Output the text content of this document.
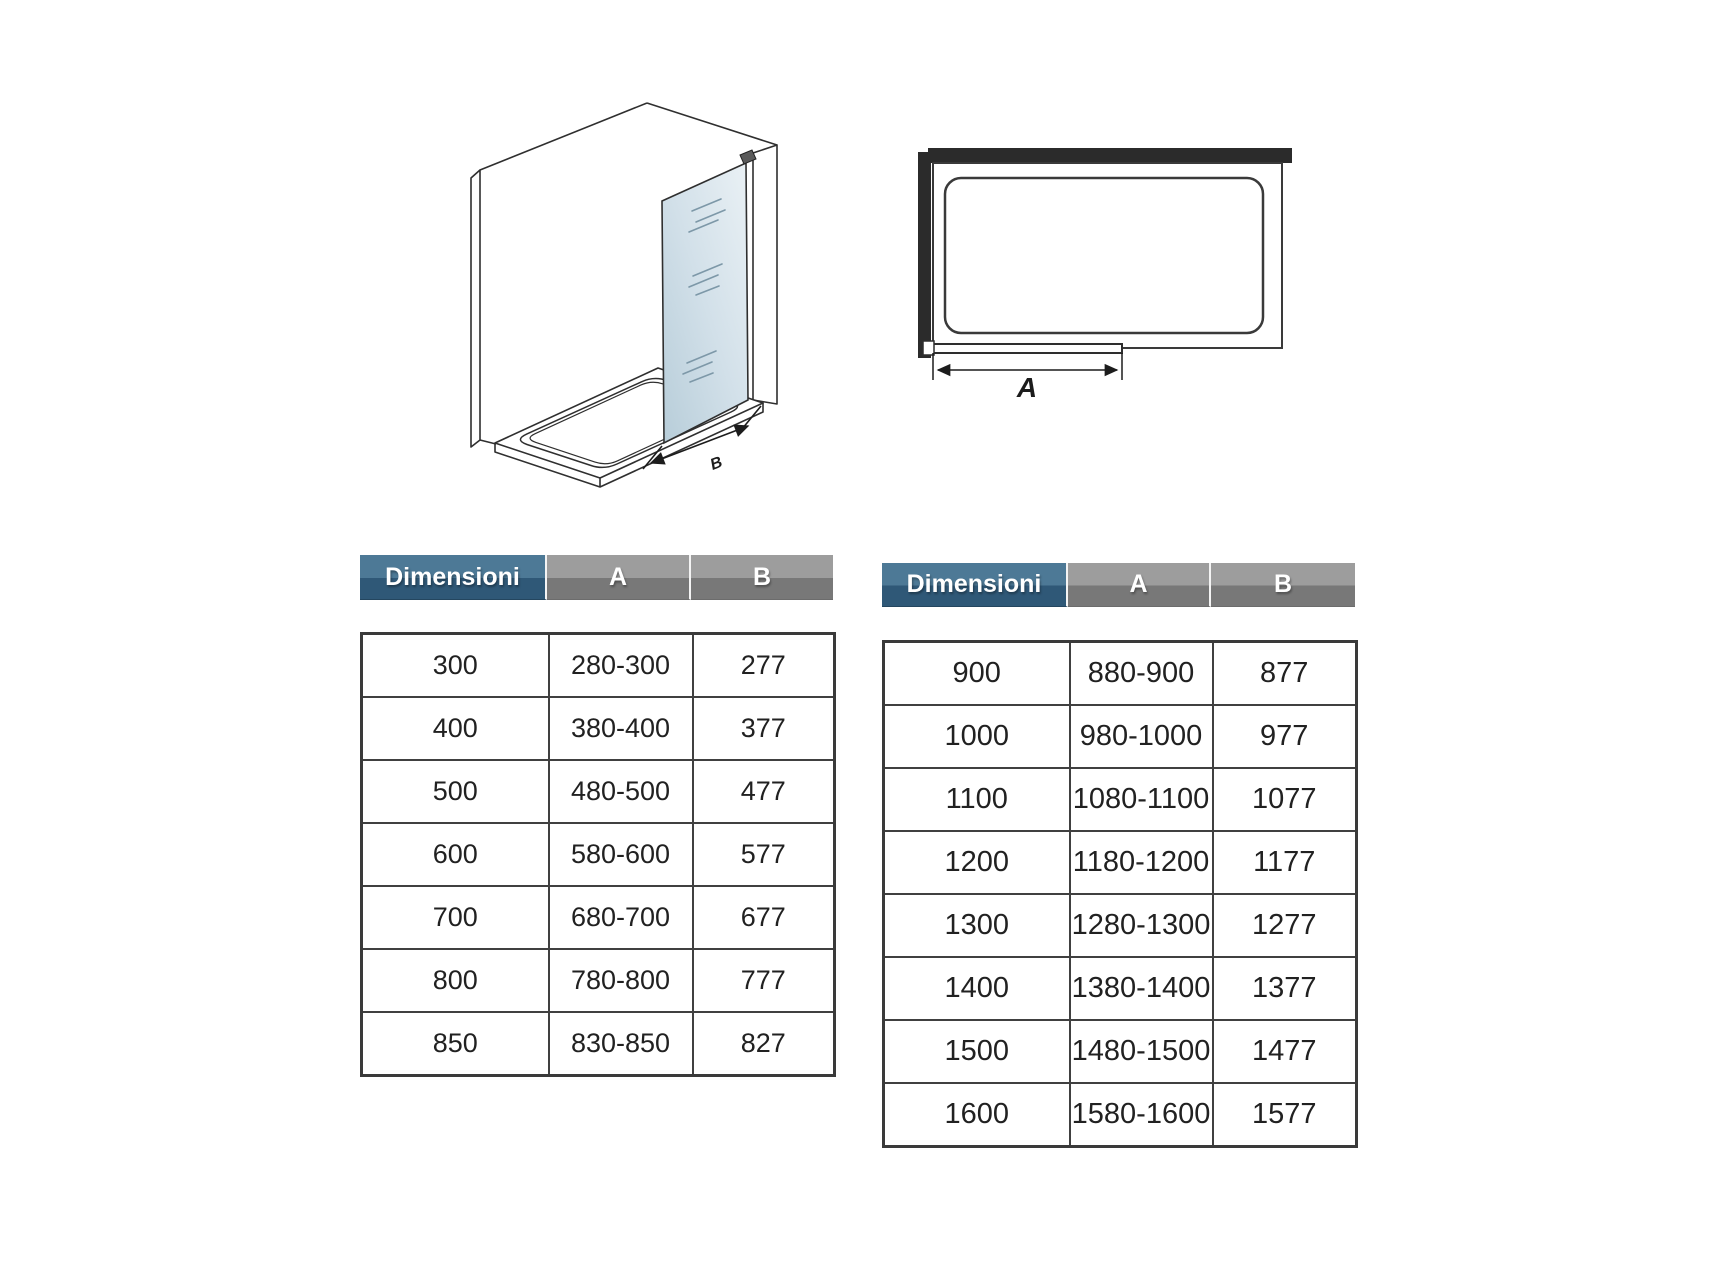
B
A
Dimensioni	A	B
300	280-300	277
400	380-400	377
500	480-500	477
600	580-600	577
700	680-700	677
800	780-800	777
850	830-850	827
Dimensioni	A	B
900	880-900	877
1000	980-1000	977
1100	1080-1100	1077
1200	1180-1200	1177
1300	1280-1300	1277
1400	1380-1400	1377
1500	1480-1500	1477
1600	1580-1600	1577
